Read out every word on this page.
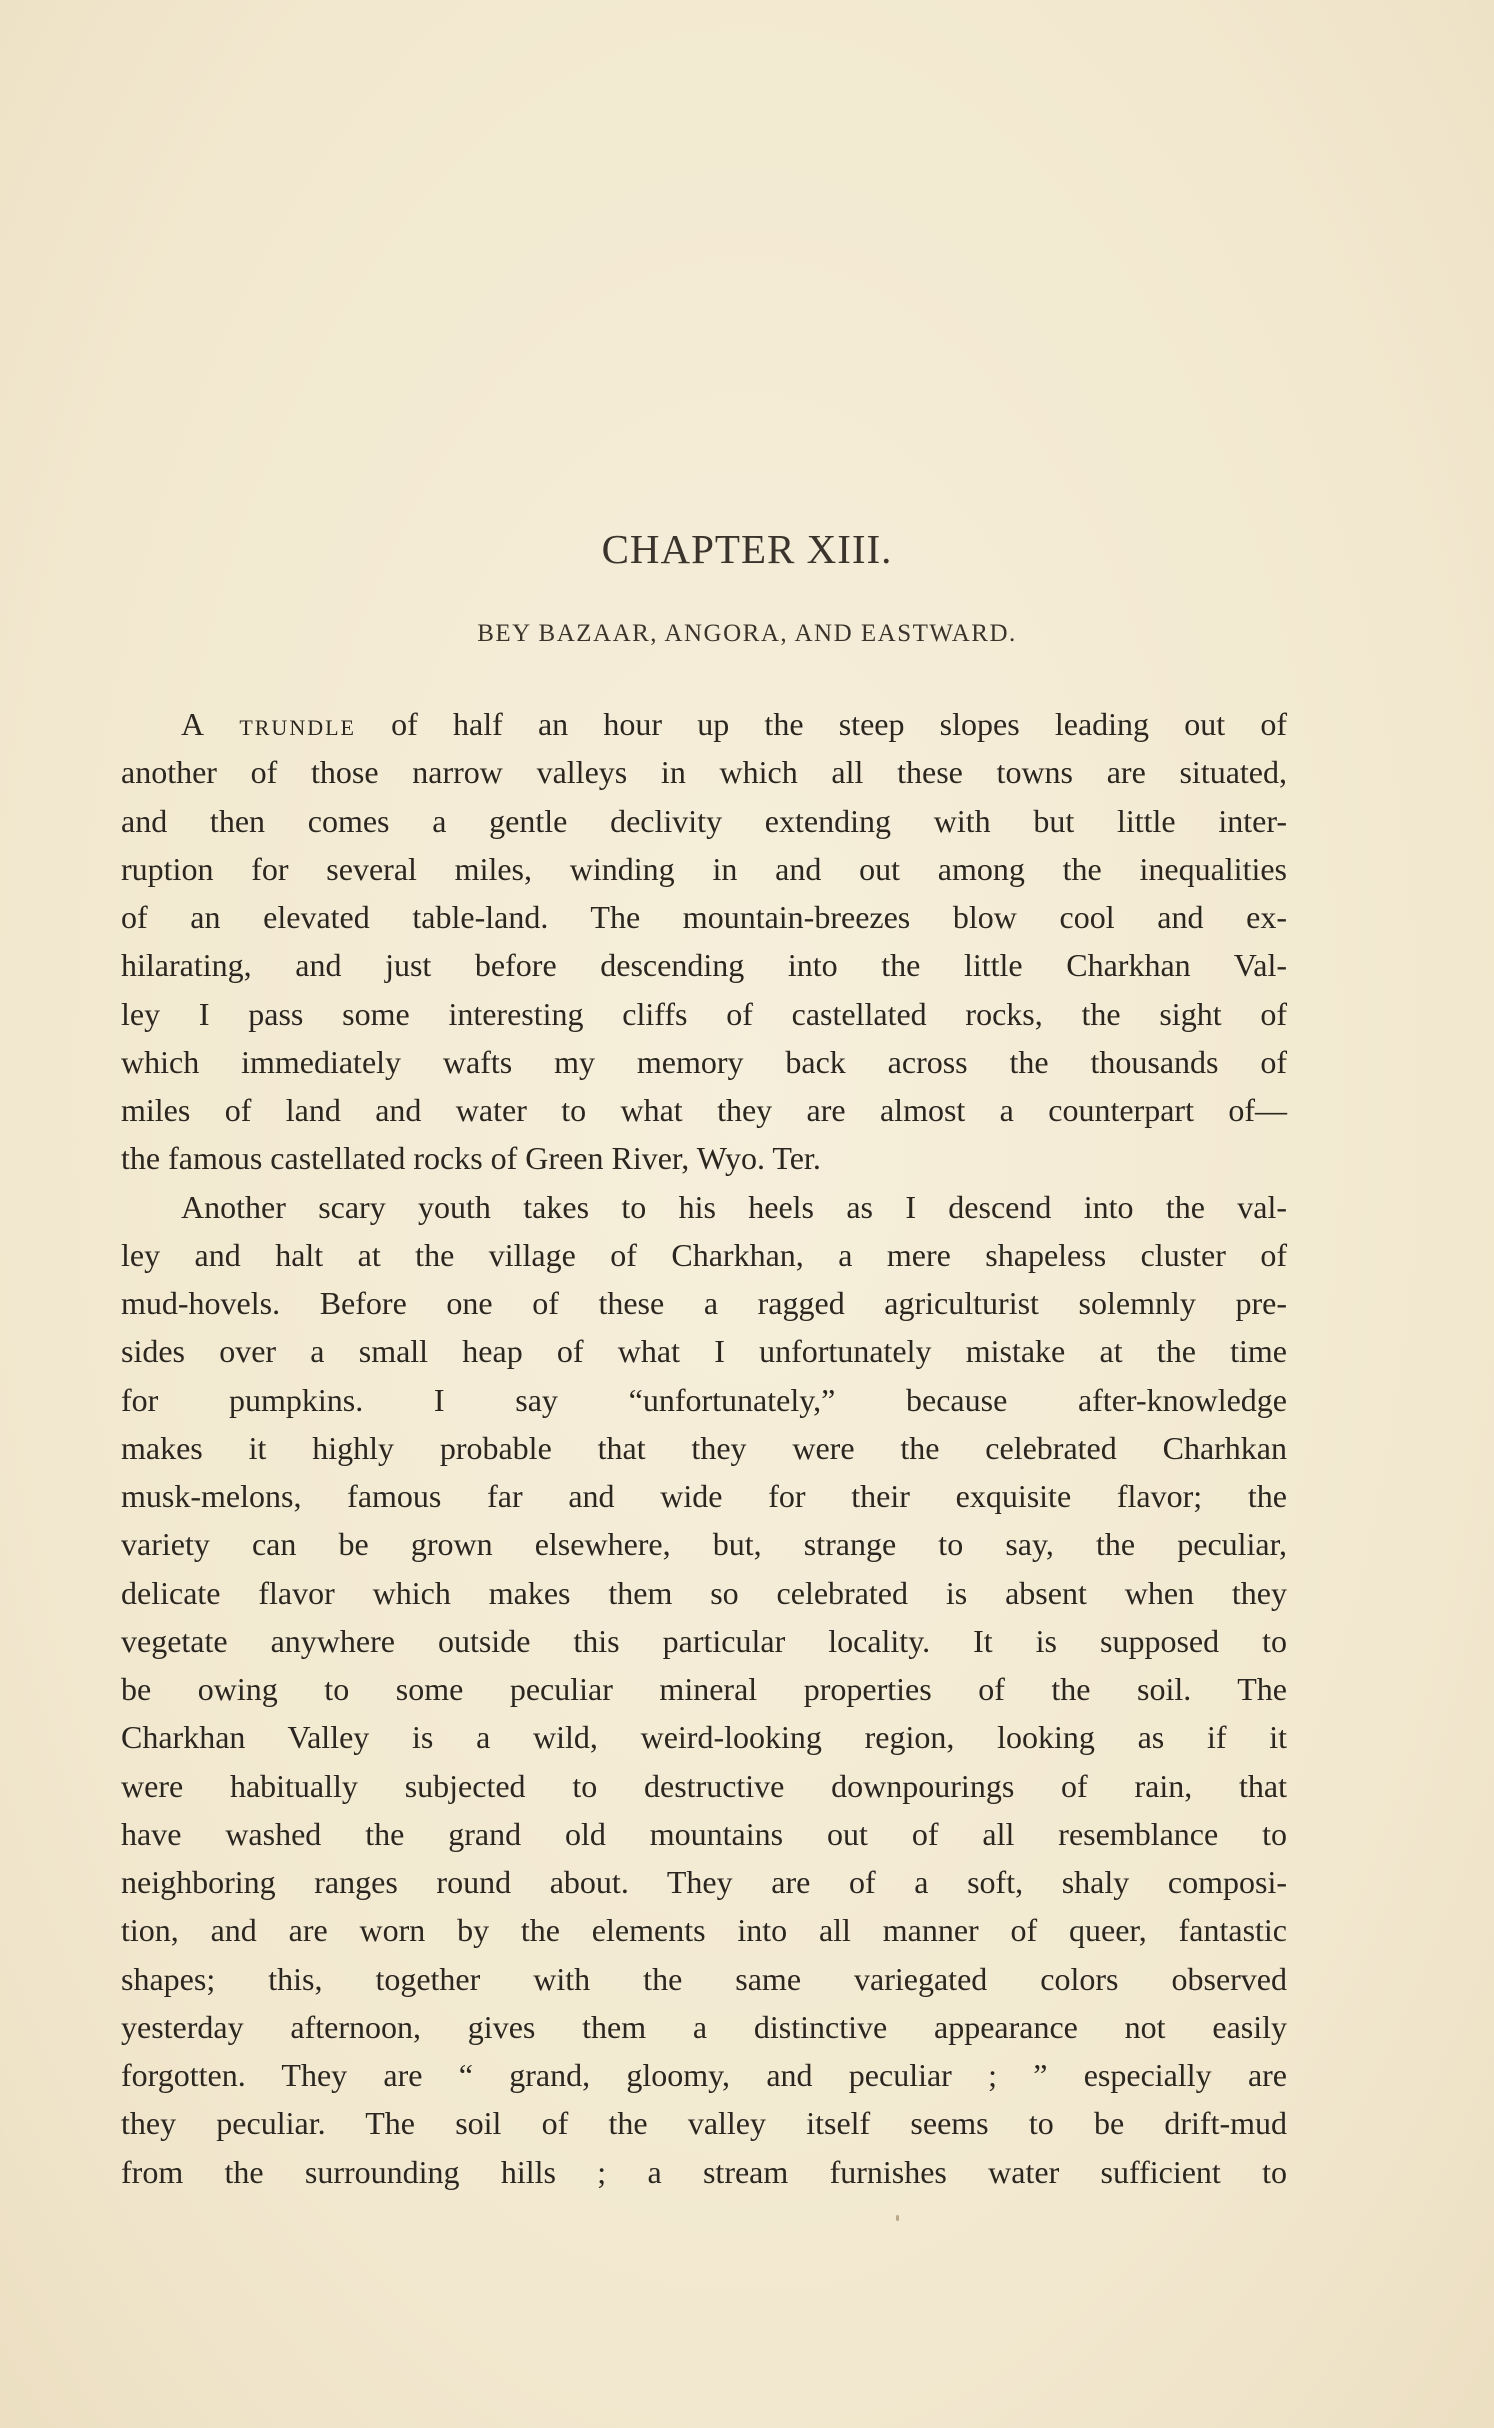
CHAPTER XIII.
BEY BAZAAR, ANGORA, AND EASTWARD.
A TRUNDLE of half an hour up the steep slopes leading out of
another of those narrow valleys in which all these towns are situated,
and then comes a gentle declivity extending with but little inter-
ruption for several miles, winding in and out among the inequalities
of an elevated table-land. The mountain-breezes blow cool and ex-
hilarating, and just before descending into the little Charkhan Val-
ley I pass some interesting cliffs of castellated rocks, the sight of
which immediately wafts my memory back across the thousands of
miles of land and water to what they are almost a counterpart of—
the famous castellated rocks of Green River, Wyo. Ter.
Another scary youth takes to his heels as I descend into the val-
ley and halt at the village of Charkhan, a mere shapeless cluster of
mud-hovels. Before one of these a ragged agriculturist solemnly pre-
sides over a small heap of what I unfortunately mistake at the time
for pumpkins. I say “unfortunately,” because after-knowledge
makes it highly probable that they were the celebrated Charhkan
musk-melons, famous far and wide for their exquisite flavor; the
variety can be grown elsewhere, but, strange to say, the peculiar,
delicate flavor which makes them so celebrated is absent when they
vegetate anywhere outside this particular locality. It is supposed to
be owing to some peculiar mineral properties of the soil. The
Charkhan Valley is a wild, weird-looking region, looking as if it
were habitually subjected to destructive downpourings of rain, that
have washed the grand old mountains out of all resemblance to
neighboring ranges round about. They are of a soft, shaly composi-
tion, and are worn by the elements into all manner of queer, fantastic
shapes; this, together with the same variegated colors observed
yesterday afternoon, gives them a distinctive appearance not easily
forgotten. They are “ grand, gloomy, and peculiar ; ” especially are
they peculiar. The soil of the valley itself seems to be drift-mud
from the surrounding hills ; a stream furnishes water sufficient to
